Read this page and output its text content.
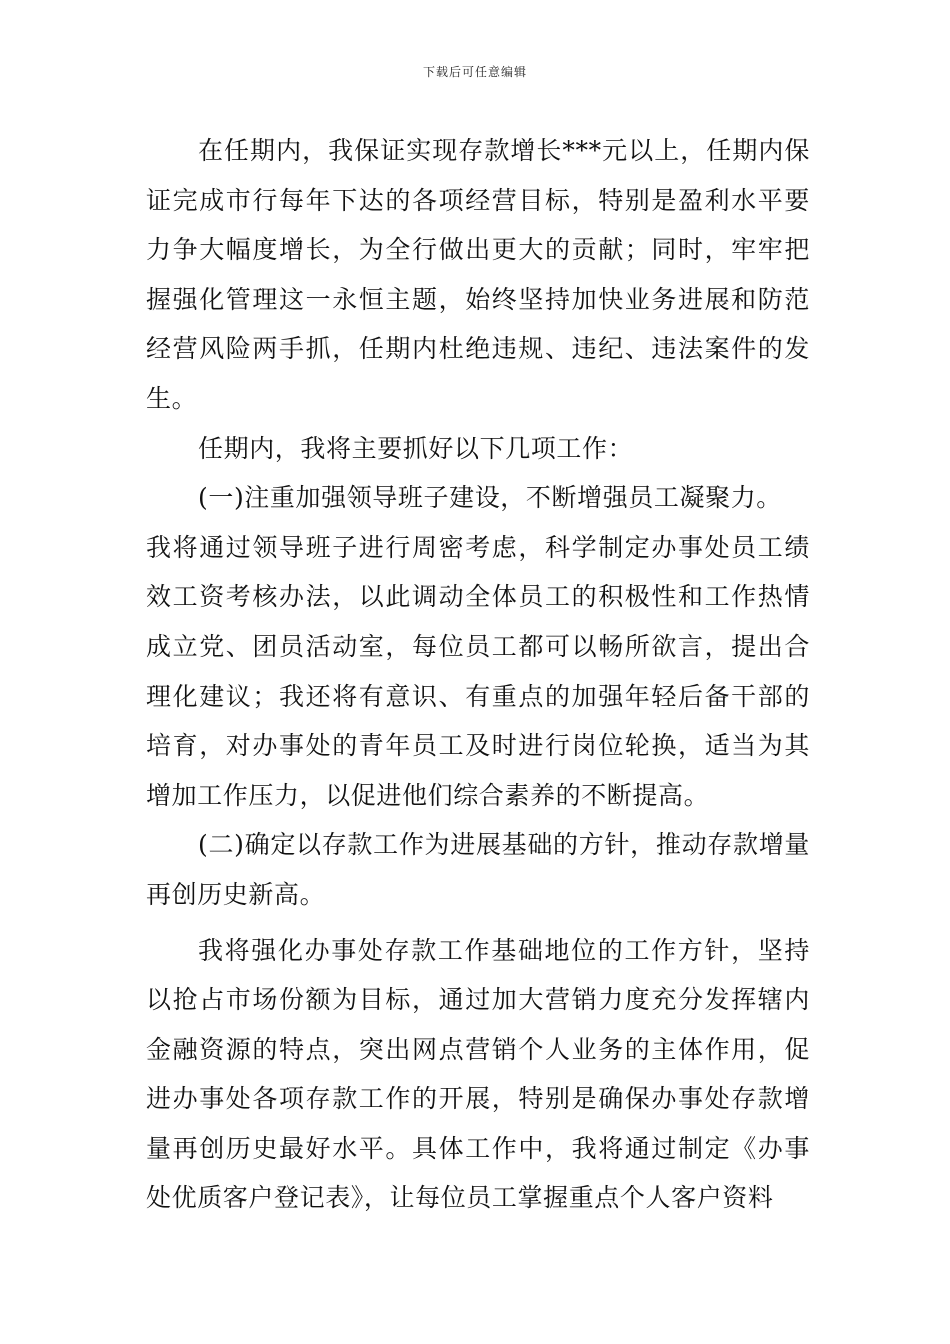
下载后可任意编辑

在任期内，我保证实现存款增长***元以上，任期内保证完成市行每年下达的各项经营目标，特别是盈利水平要力争大幅度增长，为全行做出更大的贡献；同时，牢牢把握强化管理这一永恒主题，始终坚持加快业务进展和防范经营风险两手抓，任期内杜绝违规、违纪、违法案件的发生。

任期内，我将主要抓好以下几项工作：

(一)注重加强领导班子建设，不断增强员工凝聚力。

我将通过领导班子进行周密考虑，科学制定办事处员工绩效工资考核办法，以此调动全体员工的积极性和工作热情成立党、团员活动室，每位员工都可以畅所欲言，提出合理化建议；我还将有意识、有重点的加强年轻后备干部的培育，对办事处的青年员工及时进行岗位轮换，适当为其增加工作压力，以促进他们综合素养的不断提高。

(二)确定以存款工作为进展基础的方针，推动存款增量再创历史新高。

我将强化办事处存款工作基础地位的工作方针，坚持以抢占市场份额为目标，通过加大营销力度充分发挥辖内金融资源的特点，突出网点营销个人业务的主体作用，促进办事处各项存款工作的开展，特别是确保办事处存款增量再创历史最好水平。具体工作中，我将通过制定《办事处优质客户登记表》，让每位员工掌握重点个人客户资料
